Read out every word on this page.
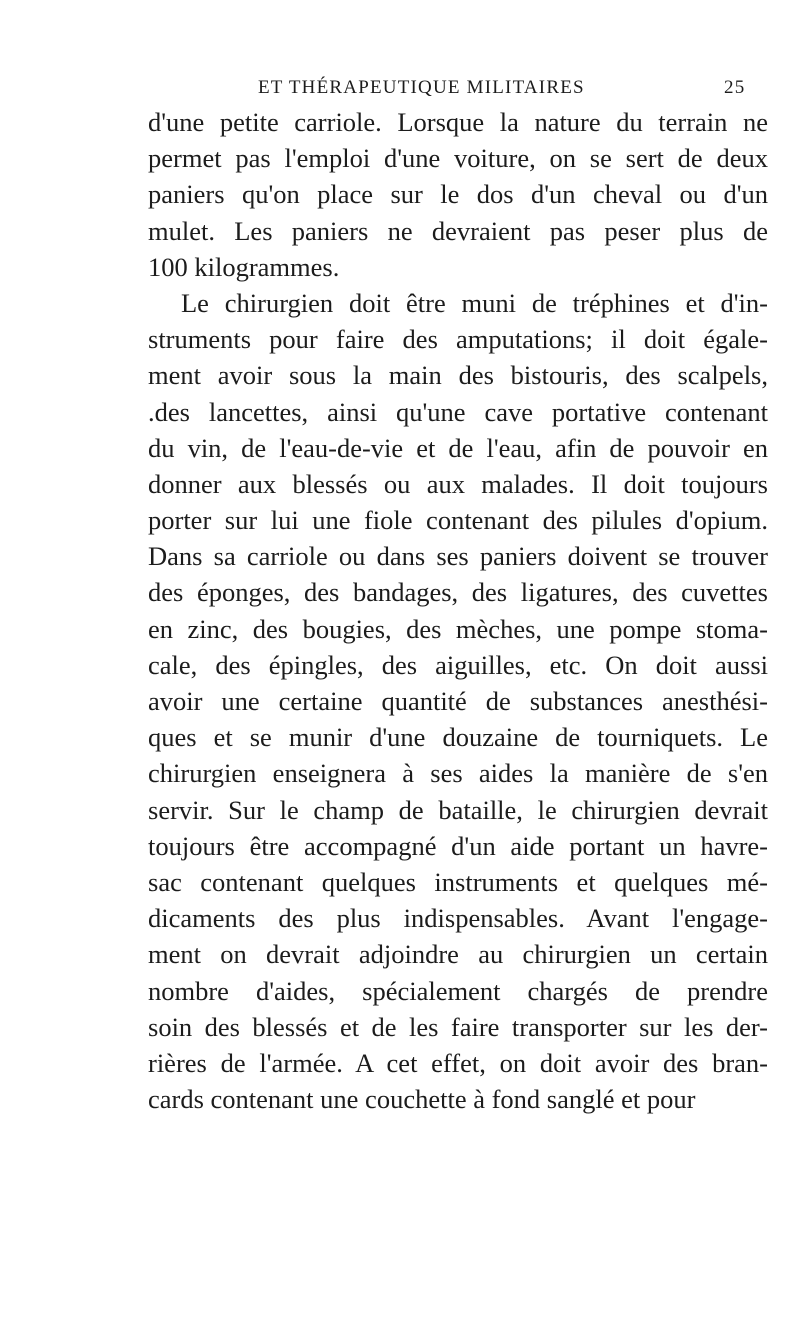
ET THÉRAPEUTIQUE MILITAIRES	25
d'une petite carriole. Lorsque la nature du terrain ne
permet pas l'emploi d'une voiture, on se sert de deux
paniers qu'on place sur le dos d'un cheval ou d'un
mulet. Les paniers ne devraient pas peser plus de
100 kilogrammes.
Le chirurgien doit être muni de tréphines et d'in-
struments pour faire des amputations; il doit égale-
ment avoir sous la main des bistouris, des scalpels,
.des lancettes, ainsi qu'une cave portative contenant
du vin, de l'eau-de-vie et de l'eau, afin de pouvoir en
donner aux blessés ou aux malades. Il doit toujours
porter sur lui une fiole contenant des pilules d'opium.
Dans sa carriole ou dans ses paniers doivent se trouver
des éponges, des bandages, des ligatures, des cuvettes
en zinc, des bougies, des mèches, une pompe stoma-
cale, des épingles, des aiguilles, etc. On doit aussi
avoir une certaine quantité de substances anesthési-
ques et se munir d'une douzaine de tourniquets. Le
chirurgien enseignera à ses aides la manière de s'en
servir. Sur le champ de bataille, le chirurgien devrait
toujours être accompagné d'un aide portant un havre-
sac contenant quelques instruments et quelques mé-
dicaments des plus indispensables. Avant l'engage-
ment on devrait adjoindre au chirurgien un certain
nombre d'aides, spécialement chargés de prendre
soin des blessés et de les faire transporter sur les der-
rières de l'armée. A cet effet, on doit avoir des bran-
cards contenant une couchette à fond sanglé et pour
